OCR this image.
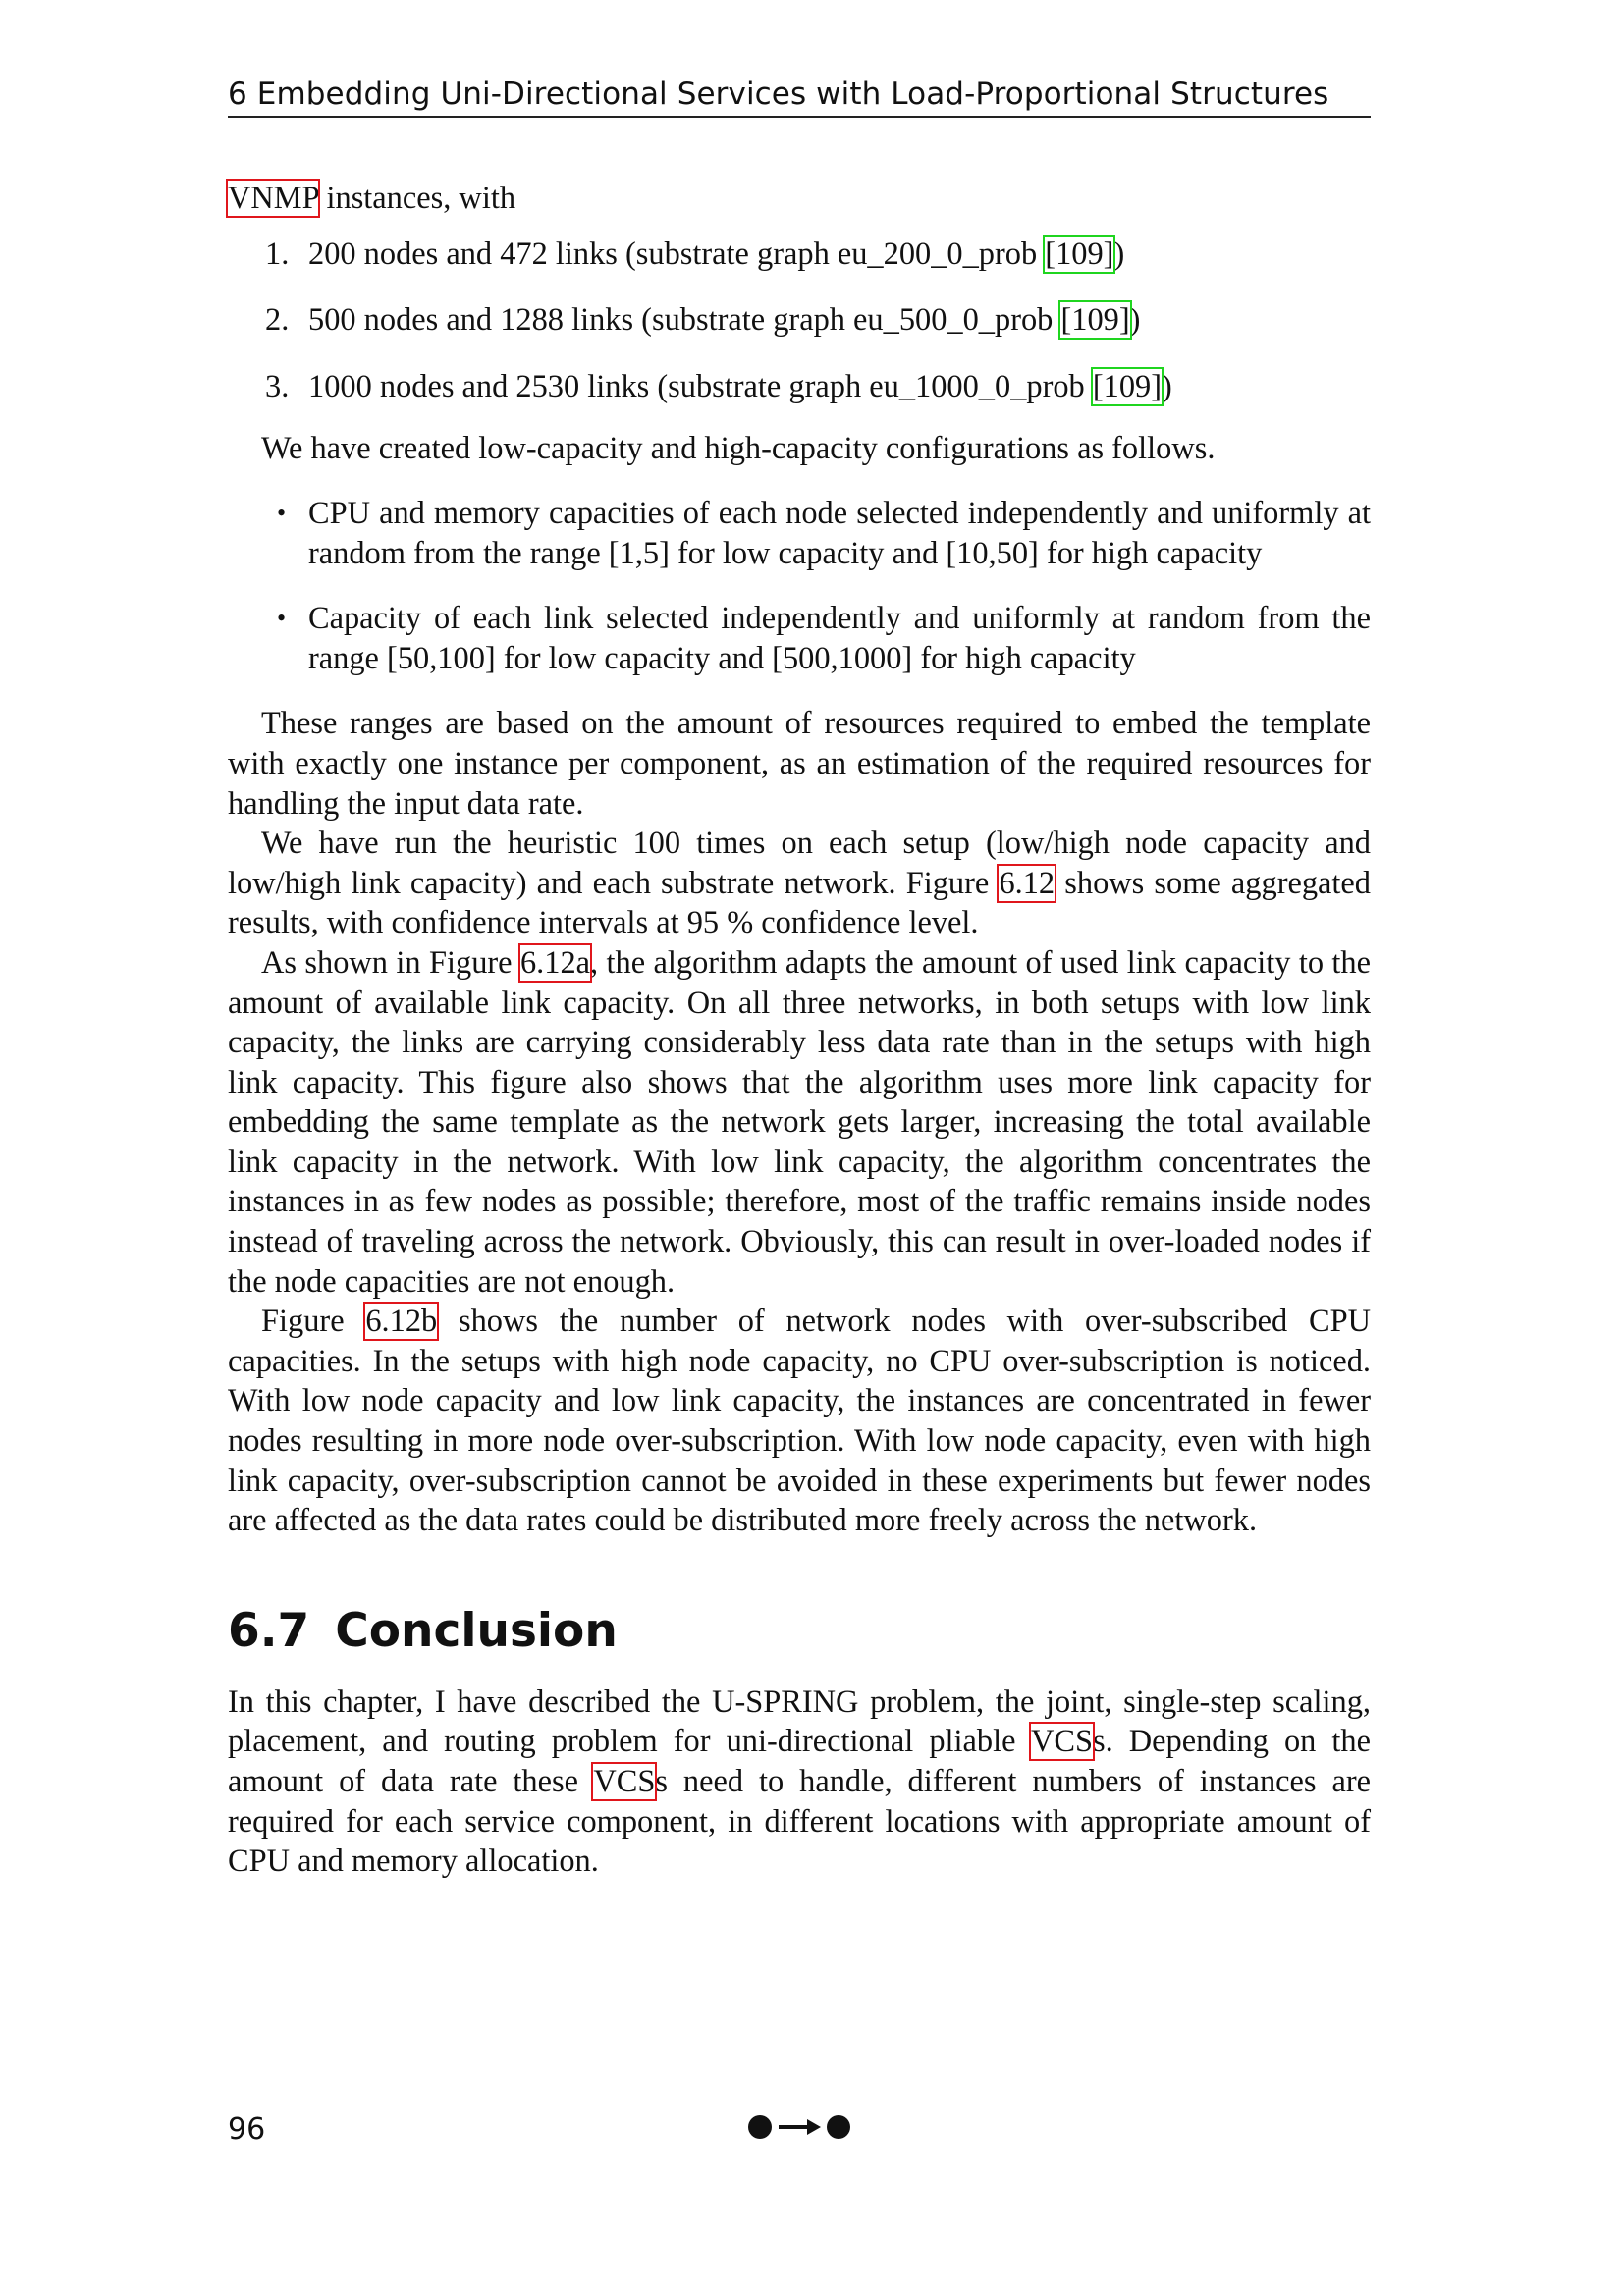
6 Embedding Uni-Directional Services with Load-Proportional Structures

VNMP instances, with

1. 200 nodes and 472 links (substrate graph eu_200_0_prob [109])
2. 500 nodes and 1288 links (substrate graph eu_500_0_prob [109])
3. 1000 nodes and 2530 links (substrate graph eu_1000_0_prob [109])

We have created low-capacity and high-capacity configurations as follows.

• CPU and memory capacities of each node selected independently and uniformly at random from the range [1,5] for low capacity and [10,50] for high capacity
• Capacity of each link selected independently and uniformly at random from the range [50,100] for low capacity and [500,1000] for high capacity

These ranges are based on the amount of resources required to embed the template with exactly one instance per component, as an estimation of the required resources for handling the input data rate.

We have run the heuristic 100 times on each setup (low/high node capacity and low/high link capacity) and each substrate network. Figure 6.12 shows some aggregated results, with confidence intervals at 95 % confidence level.

As shown in Figure 6.12a, the algorithm adapts the amount of used link capacity to the amount of available link capacity. On all three networks, in both setups with low link capacity, the links are carrying considerably less data rate than in the setups with high link capacity. This figure also shows that the algorithm uses more link capacity for embedding the same template as the network gets larger, increasing the total available link capacity in the network. With low link capacity, the algorithm concentrates the instances in as few nodes as possible; therefore, most of the traffic remains inside nodes instead of traveling across the network. Obviously, this can result in over-loaded nodes if the node capacities are not enough.

Figure 6.12b shows the number of network nodes with over-subscribed CPU capacities. In the setups with high node capacity, no CPU over-subscription is noticed. With low node capacity and low link capacity, the instances are concentrated in fewer nodes resulting in more node over-subscription. With low node capacity, even with high link capacity, over-subscription cannot be avoided in these experiments but fewer nodes are affected as the data rates could be distributed more freely across the network.

6.7 Conclusion

In this chapter, I have described the U-SPRING problem, the joint, single-step scaling, placement, and routing problem for uni-directional pliable VCSs. Depending on the amount of data rate these VCSs need to handle, different numbers of instances are required for each service component, in different locations with appropriate amount of CPU and memory allocation.

96
